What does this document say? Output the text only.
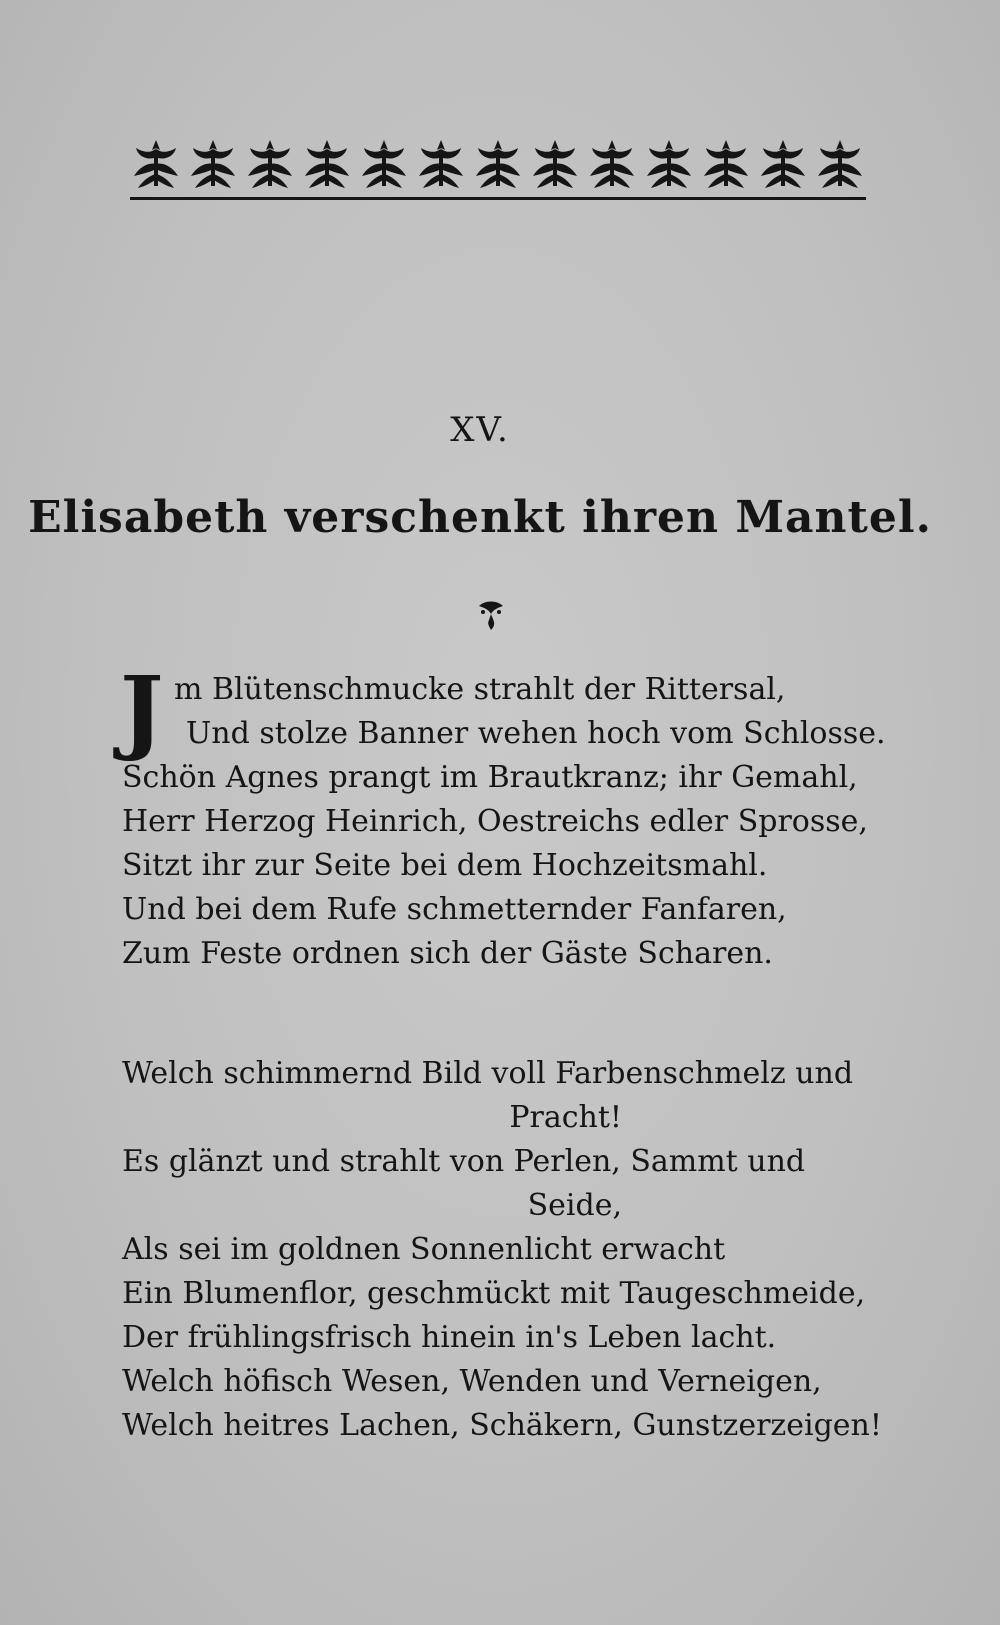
XV.
Elisabeth verschenkt ihren Mantel.
J m Blütenschmucke strahlt der Rittersal,
Und stolze Banner wehen hoch vom Schlosse.
Schön Agnes prangt im Brautkranz; ihr Gemahl,
Herr Herzog Heinrich, Oestreichs edler Sprosse,
Sitzt ihr zur Seite bei dem Hochzeitsmahl.
Und bei dem Rufe schmetternder Fanfaren,
Zum Feste ordnen sich der Gäste Scharen.
Welch schimmernd Bild voll Farbenschmelz und
Pracht!
Es glänzt und strahlt von Perlen, Sammt und
Seide,
Als sei im goldnen Sonnenlicht erwacht
Ein Blumenflor, geschmückt mit Taugeschmeide,
Der frühlingsfrisch hinein in's Leben lacht.
Welch höfisch Wesen, Wenden und Verneigen,
Welch heitres Lachen, Schäkern, Gunstzerzeigen!
